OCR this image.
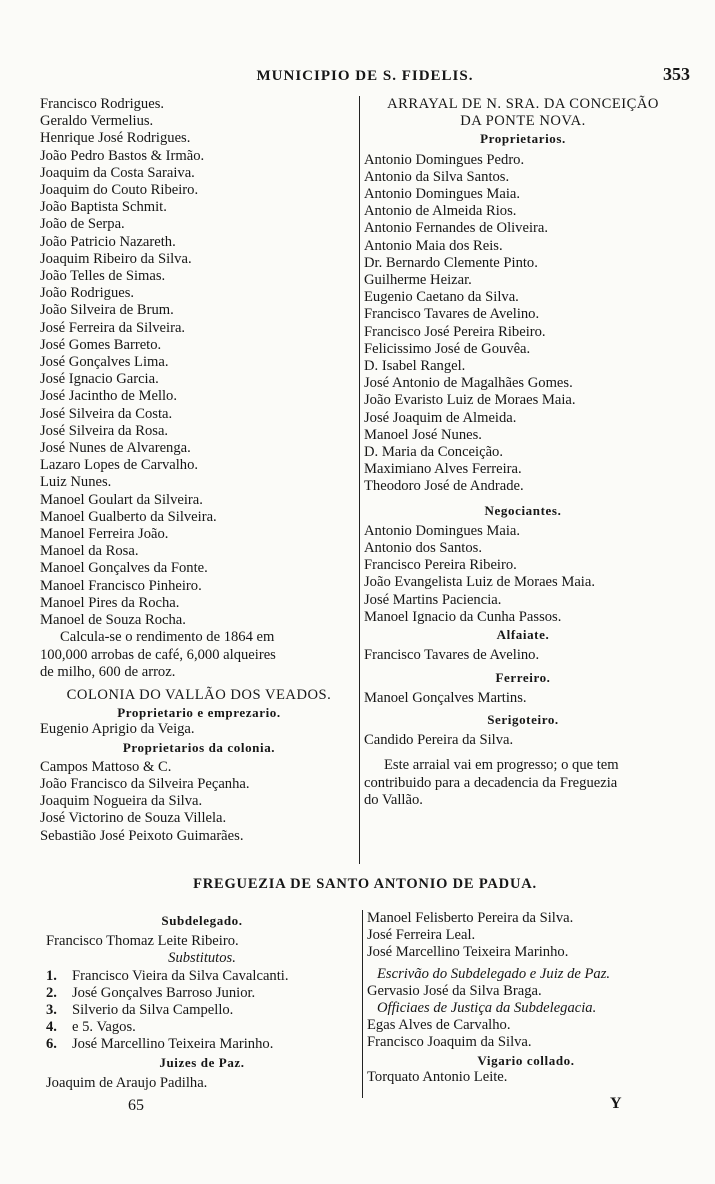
MUNICIPIO DE S. FIDELIS.	353
Francisco Rodrigues.
Geraldo Vermelius.
Henrique José Rodrigues.
João Pedro Bastos & Irmão.
Joaquim da Costa Saraiva.
Joaquim do Couto Ribeiro.
João Baptista Schmit.
João de Serpa.
João Patricio Nazareth.
Joaquim Ribeiro da Silva.
João Telles de Simas.
João Rodrigues.
João Silveira de Brum.
José Ferreira da Silveira.
José Gomes Barreto.
José Gonçalves Lima.
José Ignacio Garcia.
José Jacintho de Mello.
José Silveira da Costa.
José Silveira da Rosa.
José Nunes de Alvarenga.
Lazaro Lopes de Carvalho.
Luiz Nunes.
Manoel Goulart da Silveira.
Manoel Gualberto da Silveira.
Manoel Ferreira João.
Manoel da Rosa.
Manoel Gonçalves da Fonte.
Manoel Francisco Pinheiro.
Manoel Pires da Rocha.
Manoel de Souza Rocha.
Calcula-se o rendimento de 1864 em
100,000 arrobas de café, 6,000 alqueires
de milho, 600 de arroz.
COLONIA DO VALLÃO DOS VEADOS.
Proprietario e emprezario.
Eugenio Aprigio da Veiga.
Proprietarios da colonia.
Campos Mattoso & C.
João Francisco da Silveira Peçanha.
Joaquim Nogueira da Silva.
José Victorino de Souza Villela.
Sebastião José Peixoto Guimarães.
ARRAYAL DE N. SRA. DA CONCEIÇÃO
DA PONTE NOVA.
Proprietarios.
Antonio Domingues Pedro.
Antonio da Silva Santos.
Antonio Domingues Maia.
Antonio de Almeida Rios.
Antonio Fernandes de Oliveira.
Antonio Maia dos Reis.
Dr. Bernardo Clemente Pinto.
Guilherme Heizar.
Eugenio Caetano da Silva.
Francisco Tavares de Avelino.
Francisco José Pereira Ribeiro.
Felicissimo José de Gouvêa.
D. Isabel Rangel.
José Antonio de Magalhães Gomes.
João Evaristo Luiz de Moraes Maia.
José Joaquim de Almeida.
Manoel José Nunes.
D. Maria da Conceição.
Maximiano Alves Ferreira.
Theodoro José de Andrade.
Negociantes.
Antonio Domingues Maia.
Antonio dos Santos.
Francisco Pereira Ribeiro.
João Evangelista Luiz de Moraes Maia.
José Martins Paciencia.
Manoel Ignacio da Cunha Passos.
Alfaiate.
Francisco Tavares de Avelino.
Ferreiro.
Manoel Gonçalves Martins.
Serigoteiro.
Candido Pereira da Silva.
Este arraial vai em progresso; o que tem
contribuido para a decadencia da Freguezia
do Vallão.
FREGUEZIA DE SANTO ANTONIO DE PADUA.
Subdelegado.
Francisco Thomaz Leite Ribeiro.
Substitutos.
1. Francisco Vieira da Silva Cavalcanti.
2. José Gonçalves Barroso Junior.
3. Silverio da Silva Campello.
4. e 5. Vagos.
6. José Marcellino Teixeira Marinho.
Juizes de Paz.
Joaquim de Araujo Padilha.
Manoel Felisberto Pereira da Silva.
José Ferreira Leal.
José Marcellino Teixeira Marinho.
Escrivão do Subdelegado e Juiz de Paz.
Gervasio José da Silva Braga.
Officiaes de Justiça da Subdelegacia.
Egas Alves de Carvalho.
Francisco Joaquim da Silva.
Vigario collado.
Torquato Antonio Leite.
65	Y
